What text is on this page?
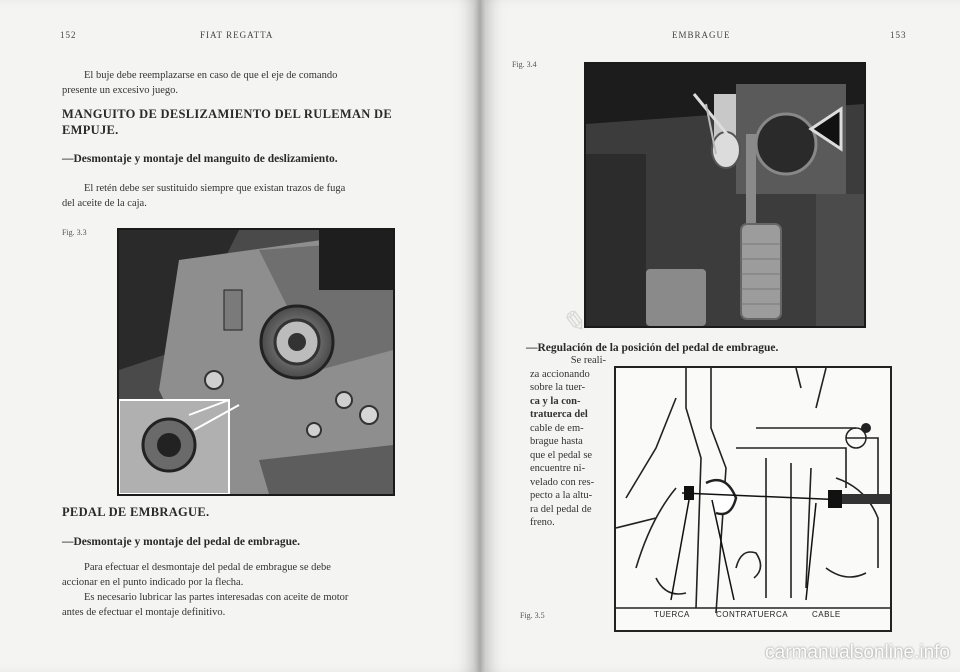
152	FIAT REGATTA
El buje debe reemplazarse en caso de que el eje de comando
presente un excesivo juego.
MANGUITO DE DESLIZAMIENTO DEL RULEMAN DE
EMPUJE.
—Desmontaje y montaje del manguito de deslizamiento.
El retén debe ser sustituido siempre que existan trazos de fuga
del aceite de la caja.
Fig. 3.3
PEDAL DE EMBRAGUE.
—Desmontaje y montaje del pedal de embrague.
Para efectuar el desmontaje del pedal de embrague se debe
accionar en el punto indicado por la flecha.
Es necesario lubricar las partes interesadas con aceite de motor
antes de efectuar el montaje definitivo.
EMBRAGUE	153
Fig. 3.4
✎
—Regulación de la posición del pedal de embrague.
Se reali-
za accionando
sobre la tuer-
ca y la con-
tratuerca del
cable de em-
brague hasta
que el pedal se
encuentre ni-
velado con res-
pecto a la altu-
ra del pedal de
freno.
Fig. 3.5	TUERCA	CONTRATUERCA	CABLE
carmanualsonline.info
